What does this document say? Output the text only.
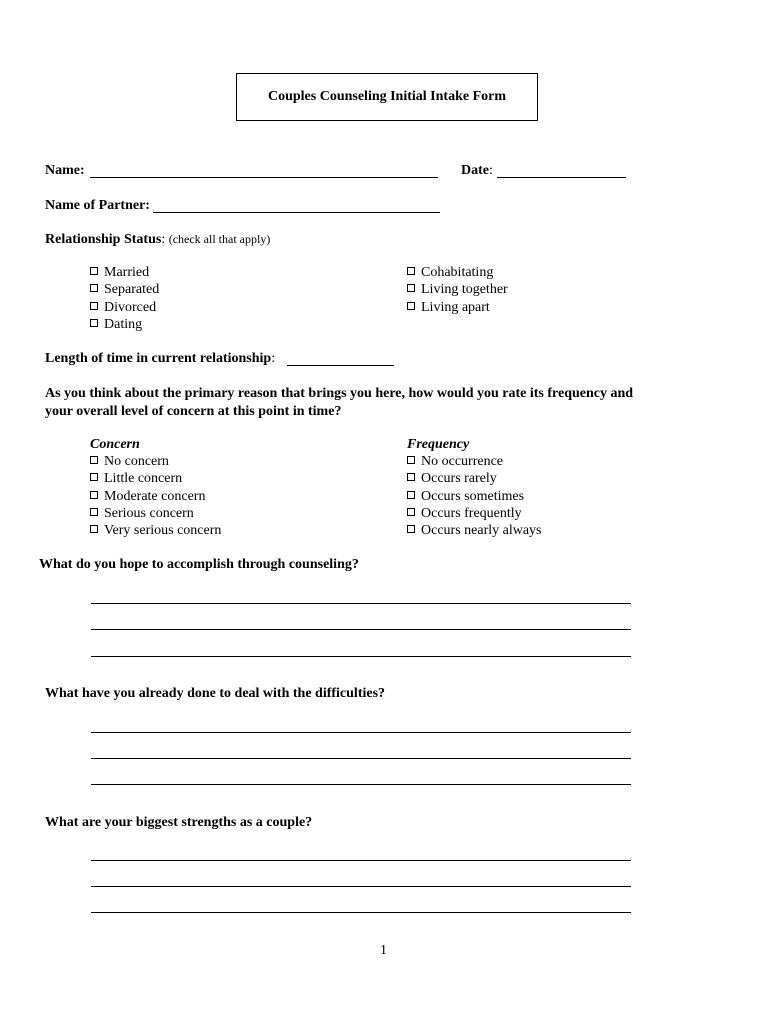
Couples Counseling Initial Intake Form
Name:	Date:
Name of Partner:
Relationship Status: (check all that apply)
Married
Separated
Divorced
Dating
Cohabitating
Living together
Living apart
Length of time in current relationship:
As you think about the primary reason that brings you here, how would you rate its frequency and
your overall level of concern at this point in time?
Concern
No concern
Little concern
Moderate concern
Serious concern
Very serious concern
Frequency
No occurrence
Occurs rarely
Occurs sometimes
Occurs frequently
Occurs nearly always
What do you hope to accomplish through counseling?
What have you already done to deal with the difficulties?
What are your biggest strengths as a couple?
1
